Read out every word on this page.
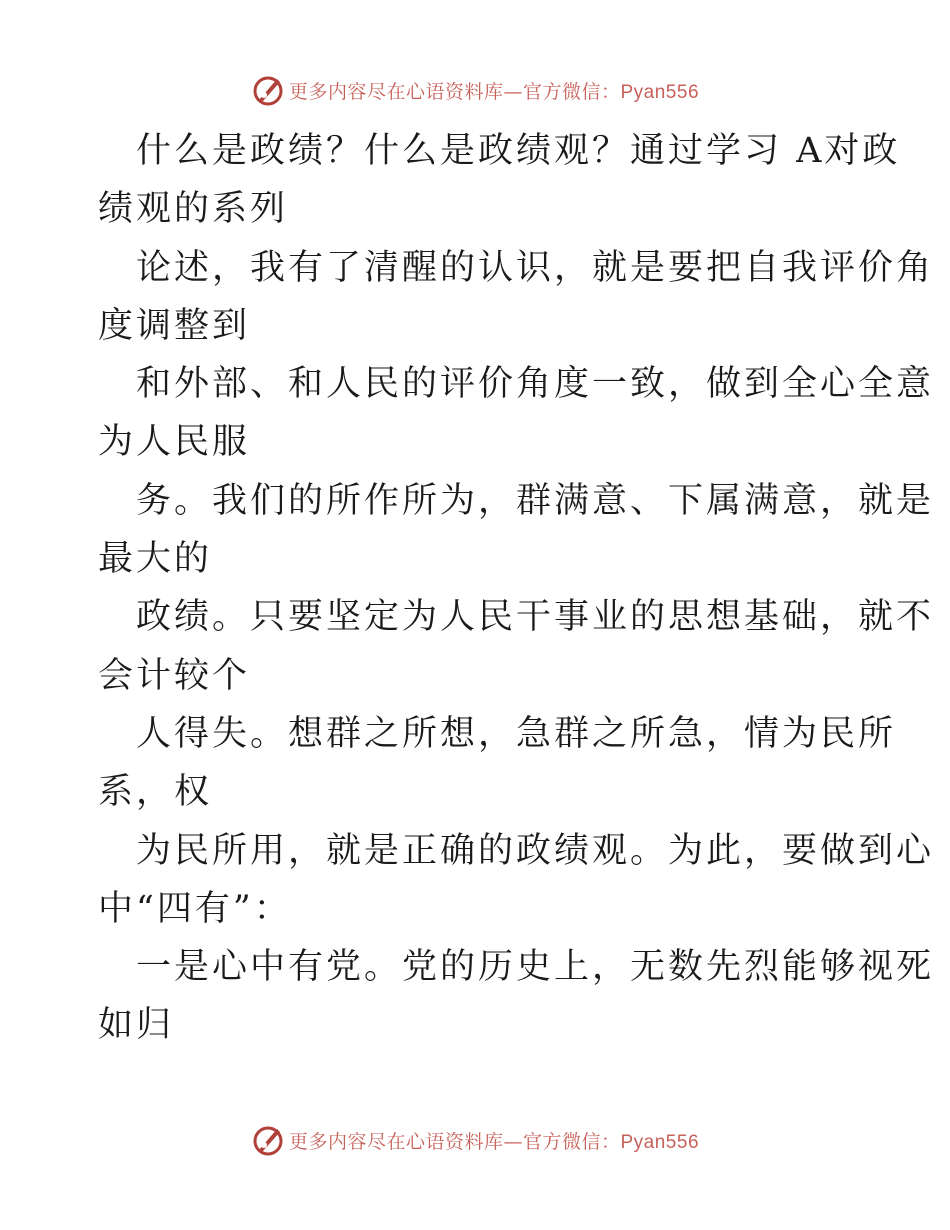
更多内容尽在心语资料库—官方微信：Pyan556
什么是政绩？什么是政绩观？通过学习 A对政
绩观的系列
论述，我有了清醒的认识，就是要把自我评价角
度调整到
和外部、和人民的评价角度一致，做到全心全意
为人民服
务。我们的所作所为，群满意、下属满意，就是
最大的
政绩。只要坚定为人民干事业的思想基础，就不
会计较个
人得失。想群之所想，急群之所急，情为民所
系，权
为民所用，就是正确的政绩观。为此，要做到心
中“四有”：
一是心中有党。党的历史上，无数先烈能够视死
如归
更多内容尽在心语资料库—官方微信：Pyan556
